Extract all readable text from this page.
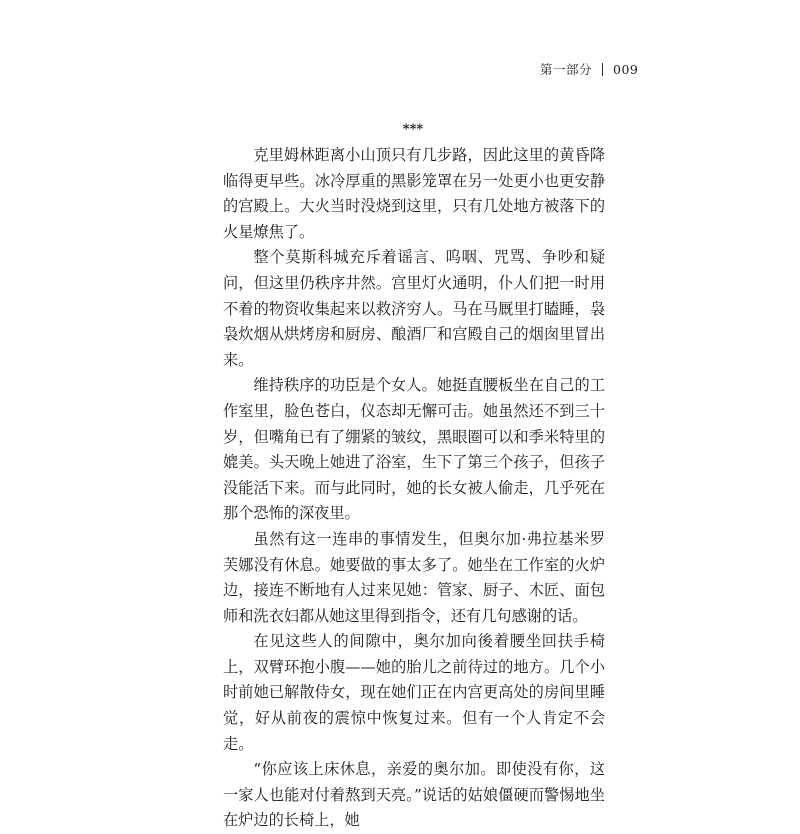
第一部分 009
***

克里姆林距离小山顶只有几步路，因此这里的黄昏降临得更早些。冰冷厚重的黑影笼罩在另一处更小也更安静的宫殿上。大火当时没烧到这里，只有几处地方被落下的火星燎焦了。

整个莫斯科城充斥着谣言、呜咽、咒骂、争吵和疑问，但这里仍秩序井然。宫里灯火通明，仆人们把一时用不着的物资收集起来以救济穷人。马在马厩里打瞌睡，袅袅炊烟从烘烤房和厨房、酿酒厂和宫殿自己的烟囱里冒出来。

维持秩序的功臣是个女人。她挺直腰板坐在自己的工作室里，脸色苍白，仪态却无懈可击。她虽然还不到三十岁，但嘴角已有了绷紧的皱纹，黑眼圈可以和季米特里的媲美。头天晚上她进了浴室，生下了第三个孩子，但孩子没能活下来。而与此同时，她的长女被人偷走，几乎死在那个恐怖的深夜里。

虽然有这一连串的事情发生，但奥尔加·弗拉基米罗芙娜没有休息。她要做的事太多了。她坐在工作室的火炉边，接连不断地有人过来见她：管家、厨子、木匠、面包师和洗衣妇都从她这里得到指令，还有几句感谢的话。

在见这些人的间隙中，奥尔加向後着腰坐回扶手椅上，双臂环抱小腹——她的胎儿之前待过的地方。几个小时前她已解散侍女，现在她们正在内宫更高处的房间里睡觉，好从前夜的震惊中恢复过来。但有一个人肯定不会走。

“你应该上床休息，亲爱的奥尔加。即使没有你，这一家人也能对付着熬到天亮。”说话的姑娘僵硬而警惕地坐在炉边的长椅上，她
